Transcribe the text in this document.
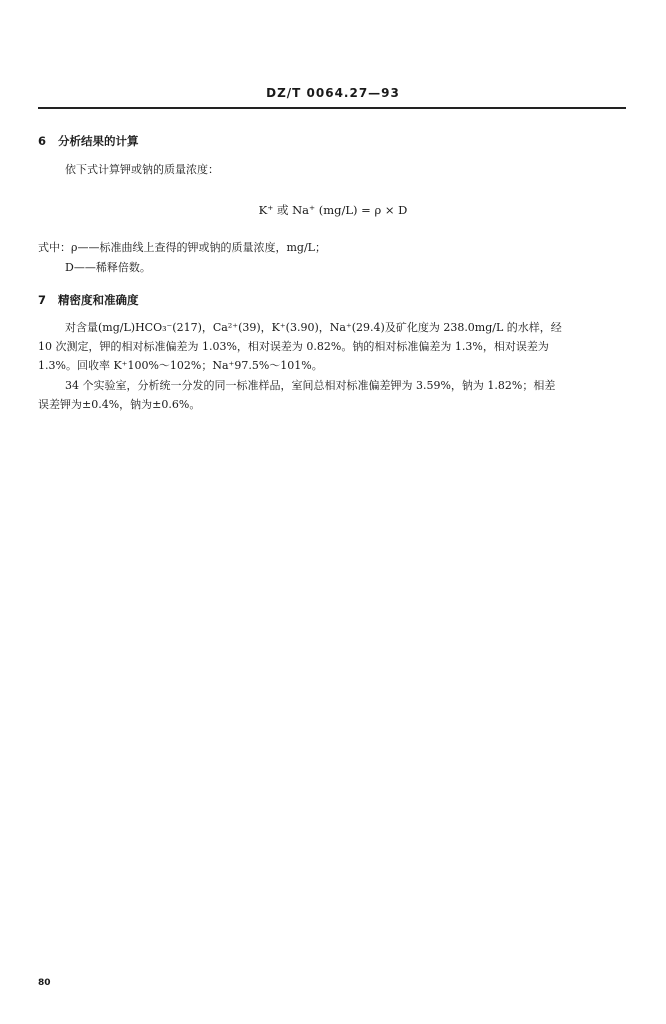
DZ/T 0064.27—93
6 分析结果的计算
依下式计算钾或钠的质量浓度：
K⁺ 或 Na⁺ (mg/L) = ρ × D
式中：ρ——标准曲线上查得的钾或钠的质量浓度，mg/L；
D——稀释倍数。
7 精密度和准确度
对含量(mg/L)HCO₃⁻(217)，Ca²⁺(39)，K⁺(3.90)，Na⁺(29.4)及矿化度为 238.0mg/L 的水样，经
10 次测定，钾的相对标准偏差为 1.03%，相对误差为 0.82%。钠的相对标准偏差为 1.3%，相对误差为
1.3%。回收率 K⁺100%～102%；Na⁺97.5%～101%。
34 个实验室，分析统一分发的同一标准样品，室间总相对标准偏差钾为 3.59%，钠为 1.82%；相差
误差钾为±0.4%，钠为±0.6%。
80
